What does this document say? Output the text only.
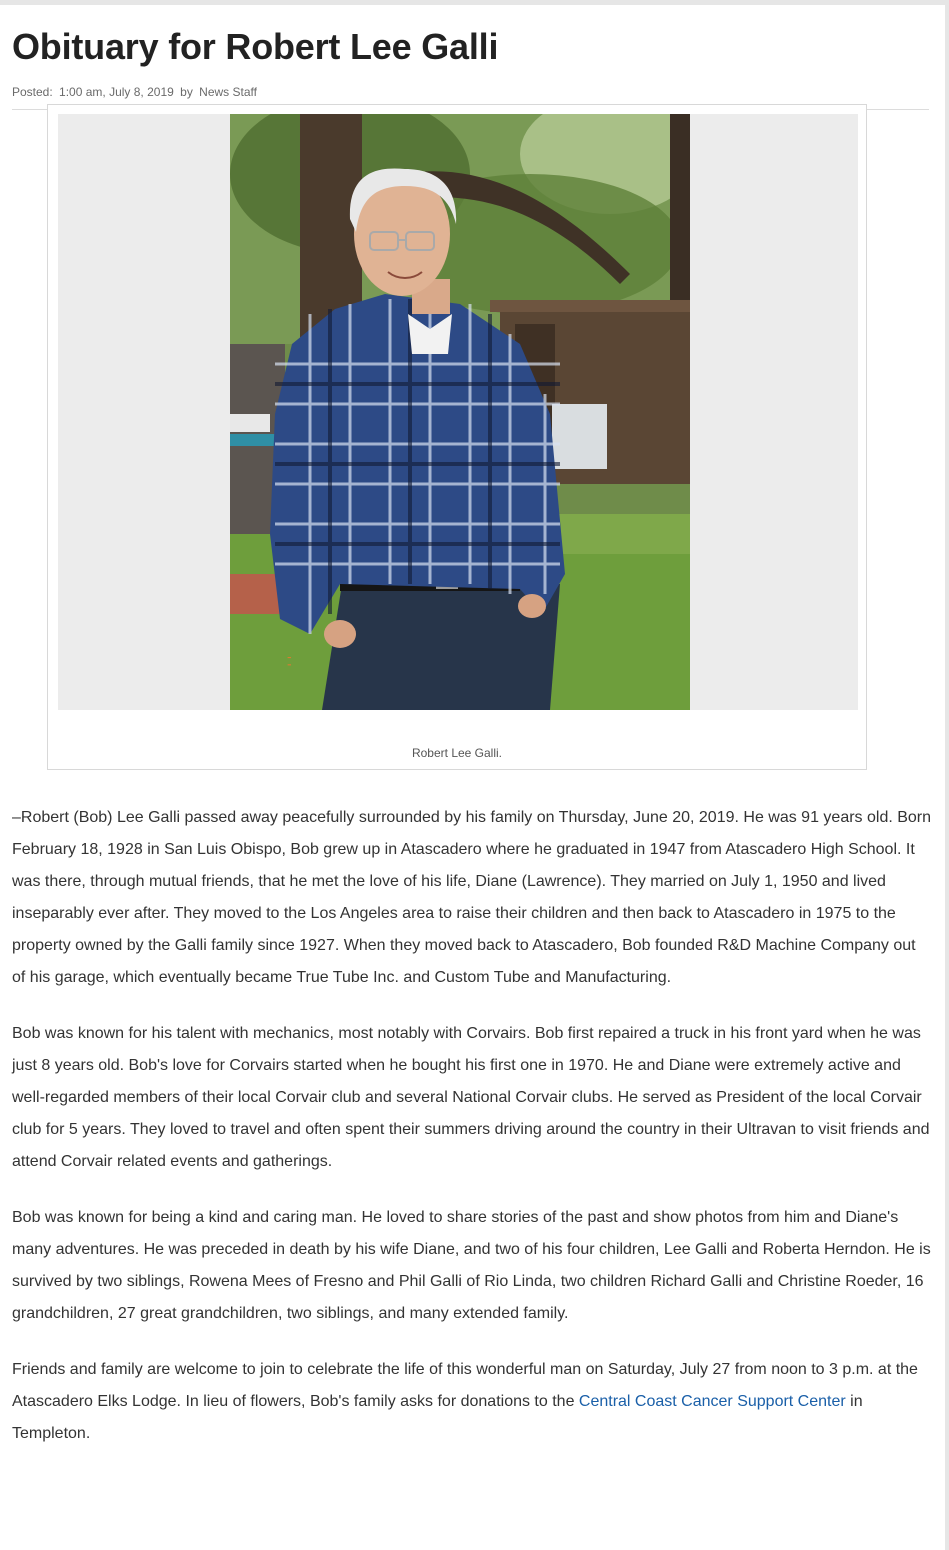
Obituary for Robert Lee Galli
Posted: 1:00 am, July 8, 2019 by News Staff
''
Robert Lee Galli.

–Robert (Bob) Lee Galli passed away peacefully surrounded by his family on Thursday, June 20, 2019. He was 91 years old. Born February 18, 1928 in San Luis Obispo, Bob grew up in Atascadero where he graduated in 1947 from Atascadero High School. It was there, through mutual friends, that he met the love of his life, Diane (Lawrence). They married on July 1, 1950 and lived inseparably ever after. They moved to the Los Angeles area to raise their children and then back to Atascadero in 1975 to the property owned by the Galli family since 1927. When they moved back to Atascadero, Bob founded R&D Machine Company out of his garage, which eventually became True Tube Inc. and Custom Tube and Manufacturing.

Bob was known for his talent with mechanics, most notably with Corvairs. Bob first repaired a truck in his front yard when he was just 8 years old. Bob's love for Corvairs started when he bought his first one in 1970. He and Diane were extremely active and well-regarded members of their local Corvair club and several National Corvair clubs. He served as President of the local Corvair club for 5 years. They loved to travel and often spent their summers driving around the country in their Ultravan to visit friends and attend Corvair related events and gatherings.

Bob was known for being a kind and caring man. He loved to share stories of the past and show photos from him and Diane's many adventures. He was preceded in death by his wife Diane, and two of his four children, Lee Galli and Roberta Herndon. He is survived by two siblings, Rowena Mees of Fresno and Phil Galli of Rio Linda, two children Richard Galli and Christine Roeder, 16 grandchildren, 27 great grandchildren, two siblings, and many extended family.

Friends and family are welcome to join to celebrate the life of this wonderful man on Saturday, July 27 from noon to 3 p.m. at the Atascadero Elks Lodge. In lieu of flowers, Bob's family asks for donations to the Central Coast Cancer Support Center in Templeton.
